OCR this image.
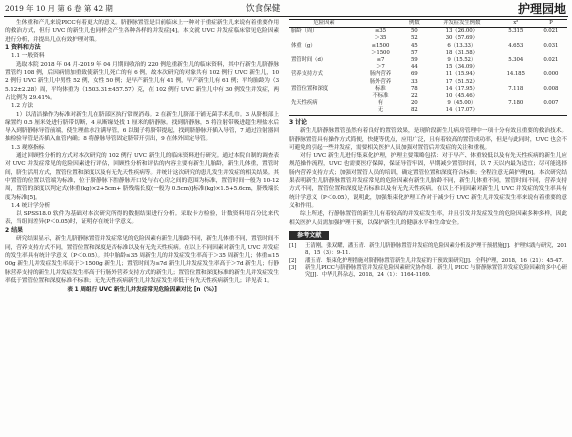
2019 年 10 月 第 6 卷 第 42 期	饮食保健	护理园地

生休重和产儿来说PICC有着更大的意义。脐静脉置管是目前临床上一种对于重症新生儿来说有着重要作用的救治方式，但行 UVC 的新生儿也同样会产生各种各样的并发症[4]。本文就 UVC 并发症临床常见危险因素进行分析，并提出几点有效护理对策。

1 资料和方法
1.1 一般资料

选取本院 2018 年 04 月-2019 年 04 月期间收治的 220 例危重新生儿的临床资料，其中行新生儿脐静脉置管约 108 例，后因病情加重致使新生儿死亡的有 6 例，故本次研究的对象共有 102 例行 UVC 新生儿，102 例行 UVC 新生儿中男性 52 例，女性 50 例；是早产新生儿有 41 例，早产新生儿有 61 例；平均胎龄为（35.12±2.28）周，平均体重为（1503.31±457.57）克，在 102 例行 UVC 新生儿中有 30 例发生并发症，两占比例为 29.41%。

1.2 方法

1）以清洁操作为标准对新生儿在脐部区执行常规消毒。2 在新生儿脐部于铺无菌手术孔巾。3 从脐根部上缘置约 0.5 厘米处进行脐带切断，4 从断缘处找 1 厘米的脐静脉。找到脐静脉，5 将注射带吸进超生理盐水后导入到脐静脉导管前端，使生理盐水注满导管，6 以镊子将脐带提起，找到脐静脉开插入导管，7 通过注射器回抽检验导管是否插入血管内确；8 将静脉导管固定脐带开引出，9 在体外固定导管。

1.3 观察指标

通过回顾性分析的方式对本次研究的 102 例行 UVC 新生儿的临床资料进行研究。通过本院自制的调查表对 UVC 并发症常见的危险因素进行评估，回顾性分析和评估的内容主要有新生儿胎龄，新生儿体重，置管时间，脐生活用方式，置管位置和深度以及有无先天性疾病等。并统计这次研究的患儿发生并发症的相关结果。其中置管的位置以管端为标准，位于脐静脉下腔静脉开口处与右心房之间的范围为标准，置管时间一般为 10-12 周，置管的深度以判定式(体重(kg)×2+5cm+ 脐残端长度(一般为 0.5cm)]标准(kg)×1.5+5.6cm，脐残端长度为标准[5]。

1.4 统计学分析

以 SPSS18.0 软件为基础对本次研究所得的数据结果进行分析。采取卡方检验，计数资料用百分比来代表，当组间差异(P＜0.05)时，证明存在统计学意义。

2 结果

研究结果显示，新生儿脐静脉置管并发症常见的危险因素有新生儿胎龄不同，新生儿体重不同，置管时间不同，营养支持方式不同，置管位置和深度是否标准以及有无先天性疾病。在以上不同因素对新生儿 UVC 并发症的发生率具有统计学意义（P＜0.05）。其中胎龄≤35 周新生儿的并发症发生率高于＞35 周新生儿；体重≤1500g 新生儿并发症发生率高于＞1500g 新生儿；置管时间为≤7d 新生儿并发症发生率高于＞7d 新生儿；行静脉营养支持的新生儿并发症发生率高于行肠外营养支持方式的新生儿；置管位置和深度标准的新生儿并发症发生率低于置管位置和深度标准不标准；无先天性疾病新生儿并发症发生率低于有先天性疾病新生儿；详见表 1。

表 1 周组行 UVC 新生儿并发症常见危险因素对比 [n（%）]
危险因素		例数	并发症发生例数	x²	P
胎龄（周）	≤35	50	13（26.00）	5.315	0.021
	＞35	52	30（57.69）		
体重（g）	≤1500	45	6（13.33）	4.653	0.031
	＞1500	57	18（31.58）		
置管时间（d）	≤7	59	9（15.52）	5.304	0.021
	＞7	44	15（34.09）		
营养支持方式	肠内营养	69	11（15.94）	14.185	0.000
	肠外营养	33	17（51.52）		
置管位置和深度	标准	78	14（17.95）	7.118	0.008
	不标准	22	10（45.46）		
先天性疾病	有	20	9（45.00）	7.180	0.007
	无	82	14（17.07）		
3 讨论

新生儿脐静脉置管虽然有着良好的置管效果，是现阶段新生儿病房管理中一项十分有效且重要的救治技术。脐静脉置管具有操作方式简便，快捷等优点，应用广泛，且有着较高的置管成功率，但是与此同时，UVC 也会不可避免的引起一些并发症，需要相关医护人员加强对置管后并发症的关注和重视。

对行 UVC 新生儿进行集束化护理，护理主要策略包括：对于早产、体重较低以及有先天性疾病的新生儿应规范操作流程，UVC 也需要医疗保障，保证导管牢固，早期减少置管时间，以 7 天以内最为适宜；尽可能选择肠内营养支持方式；加强对置管人员的培训，确定置管位置和深度符合标准；全程注意无菌护理[6]。本次研究结果表明新生儿脐静脉置管并发症常见的危险因素有新生儿胎龄不同，新生儿体重不同，置管时间不同，营养支持方式不同，置管位置和深度是否标准以及有无先天性疾病。在以上不同因素对新生儿 UVC 并发症的发生率具有统计学意义（P＜0.05），说明此，加强集束化护理工作对于减少行 UVC 新生儿并发症发生率来说有着重要的意义和作用。

综上所述，行静脉置管的新生儿有着较高的并发症发生率，并且引发并发症发生的危险因素多种多样，因此相关医护人员需加强护理干预，以保护新生儿的健康水平和生命安全。

参考文献
[1]	王清刚，张双耀，潘玉青．新生儿脐静脉置管并发症的危险因素分析及护理干预措施[J]．护理实践与研究，2018，15（3）：9-11．
[2]	潘玉青．集束化护理措施对脐静脉置管新生儿并发症的干预效果研究[J]．全科护理，2018，16（21）：45-47．
[3]	新生儿PICC与脐静脉置管并发症危险因素研究协作组．新生儿 PICC 与脐静脉置管并发症危险因素的多中心研究[J]．中华儿科杂志，2018，24（1）：1164-1169．
